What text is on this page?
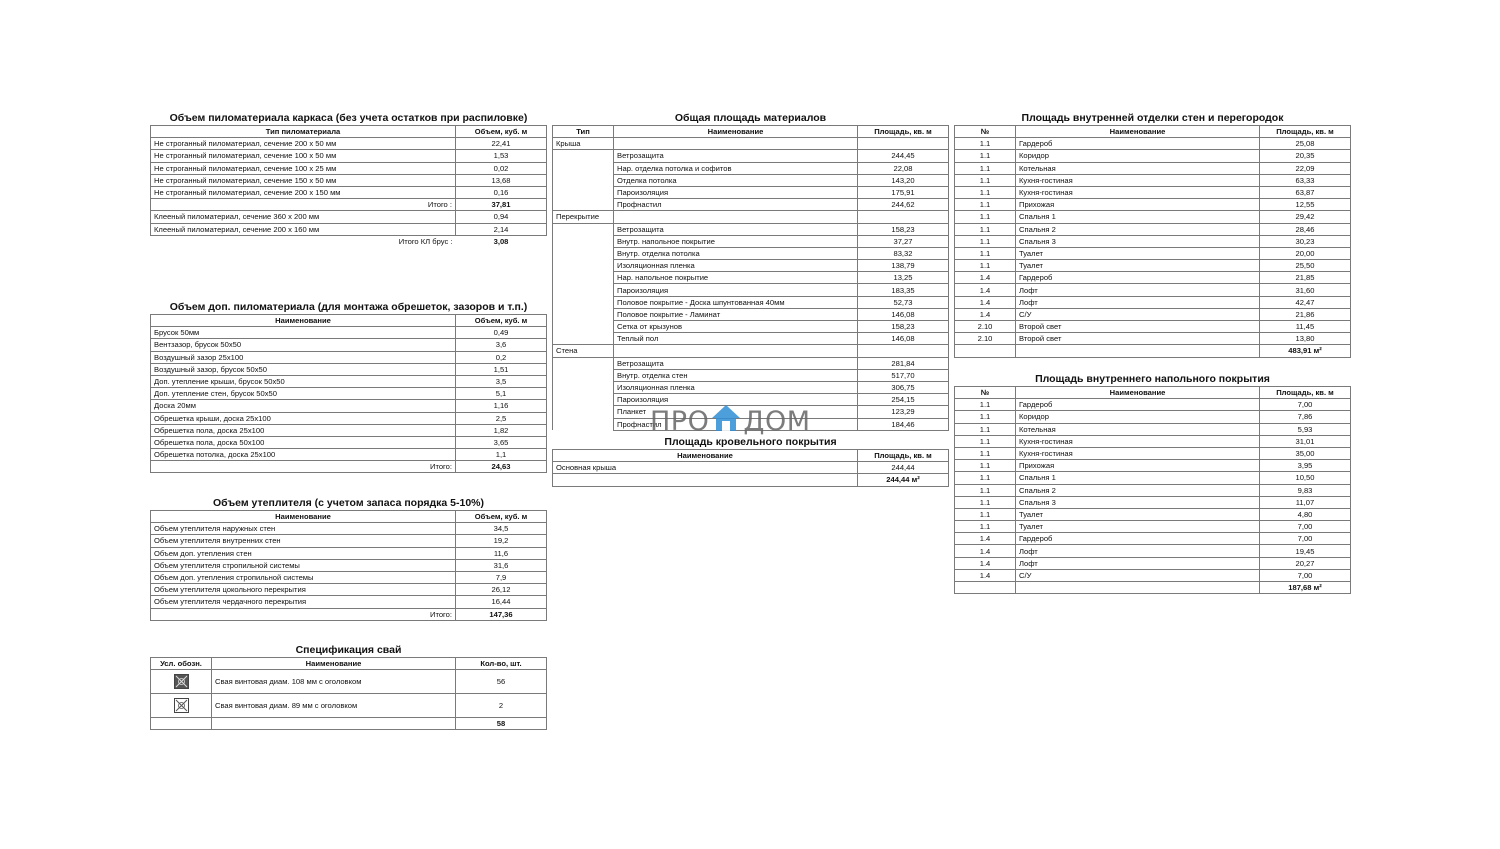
Объем пиломатериала каркаса (без учета остатков при распиловке)
Тип пиломатериала	Объем, куб. м
Не строганный пиломатериал, сечение 200 x 50 мм	22,41
Не строганный пиломатериал, сечение 100 x 50 мм	1,53
Не строганный пиломатериал, сечение 100 x 25 мм	0,02
Не строганный пиломатериал, сечение 150 x 50 мм	13,68
Не строганный пиломатериал, сечение 200 x 150 мм	0,16
Итого :	37,81
Клееный пиломатериал, сечение 360 x 200 мм	0,94
Клееный пиломатериал, сечение 200 x 160 мм	2,14
Итого КЛ брус :	3,08
Объем доп. пиломатериала (для монтажа обрешеток, зазоров и т.п.)
Наименование	Объем, куб. м
Брусок 50мм	0,49
Вентзазор, брусок 50x50	3,6
Воздушный зазор 25x100	0,2
Воздушный зазор, брусок 50x50	1,51
Доп. утепление крыши, брусок 50x50	3,5
Доп. утепление стен, брусок 50x50	5,1
Доска 20мм	1,16
Обрешетка крыши, доска 25x100	2,5
Обрешетка пола, доска 25x100	1,82
Обрешетка пола, доска 50x100	3,65
Обрешетка потолка, доска 25x100	1,1
Итого:	24,63
Объем утеплителя (с учетом запаса порядка 5-10%)
Наименование	Объем, куб. м
Объем утеплителя наружных стен	34,5
Объем утеплителя внутренних стен	19,2
Объем доп. утепления стен	11,6
Объем утеплителя стропильной системы	31,6
Объем доп. утепления стропильной системы	7,9
Объем утеплителя цокольного перекрытия	26,12
Объем утеплителя чердачного перекрытия	16,44
Итого:	147,36
Спецификация свай
Усл. обозн.	Наименование	Кол-во, шт.

	Свая винтовая диам. 108 мм с оголовком	56

	Свая винтовая диам. 89 мм с оголовком	2
		58
Общая площадь материалов
Тип	Наименование	Площадь, кв. м
Крыша		
	Ветрозащита	244,45
	Нар. отделка потолка и софитов	22,08
	Отделка потолка	143,20
	Пароизоляция	175,91
	Профнастил	244,62
Перекрытие		
	Ветрозащита	158,23
	Внутр. напольное покрытие	37,27
	Внутр. отделка потолка	83,32
	Изоляционная пленка	138,79
	Нар. напольное покрытие	13,25
	Пароизоляция	183,35
	Половое покрытие - Доска шпунтованная 40мм	52,73
	Половое покрытие - Ламинат	146,08
	Сетка от крызунов	158,23
	Теплый пол	146,08
Стена		
	Ветрозащита	281,84
	Внутр. отделка стен	517,70
	Изоляционная пленка	306,75
	Пароизоляция	254,15
	Планкет	123,29
	Профнастил	184,46
Площадь кровельного покрытия
Наименование	Площадь, кв. м
Основная крыша	244,44
	244,44 м²
Площадь внутренней отделки стен и перегородок
№	Наименование	Площадь, кв. м
1.1	Гардероб	25,08
1.1	Коридор	20,35
1.1	Котельная	22,09
1.1	Кухня-гостиная	63,33
1.1	Кухня-гостиная	63,87
1.1	Прихожая	12,55
1.1	Спальня 1	29,42
1.1	Спальня 2	28,46
1.1	Спальня 3	30,23
1.1	Туалет	20,00
1.1	Туалет	25,50
1.4	Гардероб	21,85
1.4	Лофт	31,60
1.4	Лофт	42,47
1.4	С/У	21,86
2.10	Второй свет	11,45
2.10	Второй свет	13,80
		483,91 м²
Площадь внутреннего напольного покрытия
№	Наименование	Площадь, кв. м
1.1	Гардероб	7,00
1.1	Коридор	7,86
1.1	Котельная	5,93
1.1	Кухня-гостиная	31,01
1.1	Кухня-гостиная	35,00
1.1	Прихожая	3,95
1.1	Спальня 1	10,50
1.1	Спальня 2	9,83
1.1	Спальня 3	11,07
1.1	Туалет	4,80
1.1	Туалет	7,00
1.4	Гардероб	7,00
1.4	Лофт	19,45
1.4	Лофт	20,27
1.4	С/У	7,00
		187,68 м²
ПРО ДОМ
